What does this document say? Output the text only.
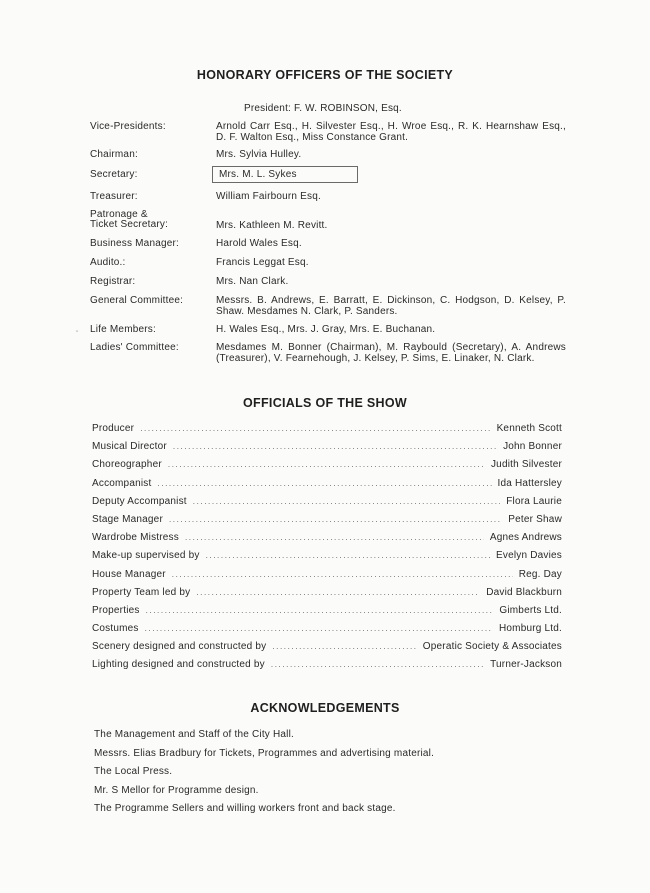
HONORARY OFFICERS OF THE SOCIETY
President: F. W. ROBINSON, Esq.
Vice-Presidents:	Arnold Carr Esq., H. Silvester Esq., H. Wroe Esq., R. K. Hearnshaw Esq., D. F. Walton Esq., Miss Constance Grant.
Chairman:	Mrs. Sylvia Hulley.
Secretary:	Mrs. M. L. Sykes
Treasurer:	William Fairbourn Esq.
Patronage &
Ticket Secretary:	Mrs. Kathleen M. Revitt.
Business Manager:	Harold Wales Esq.
Audito.:	Francis Leggat Esq.
Registrar:	Mrs. Nan Clark.
General Committee:	Messrs. B. Andrews, E. Barratt, E. Dickinson, C. Hodgson, D. Kelsey, P. Shaw. Mesdames N. Clark, P. Sanders.
Life Members:	H. Wales Esq., Mrs. J. Gray, Mrs. E. Buchanan.
Ladies' Committee:	Mesdames M. Bonner (Chairman), M. Raybould (Secretary), A. Andrews (Treasurer), V. Fearnehough, J. Kelsey, P. Sims, E. Linaker, N. Clark.
˘
OFFICIALS OF THE SHOW
Producer .....	Kenneth Scott
Musical Director .....	John Bonner
Choreographer .....	Judith Silvester
Accompanist .....	Ida Hattersley
Deputy Accompanist .....	Flora Laurie
Stage Manager .....	Peter Shaw
Wardrobe Mistress .....	Agnes Andrews
Make-up supervised by .....	Evelyn Davies
House Manager .....	Reg. Day
Property Team led by .....	David Blackburn
Properties .....	Gimberts Ltd.
Costumes .....	Homburg Ltd.
Scenery designed and constructed by .....	Operatic Society & Associates
Lighting designed and constructed by .....	Turner-Jackson
ACKNOWLEDGEMENTS

The Management and Staff of the City Hall.

Messrs. Elias Bradbury for Tickets, Programmes and advertising material.

The Local Press.

Mr. S Mellor for Programme design.

The Programme Sellers and willing workers front and back stage.
